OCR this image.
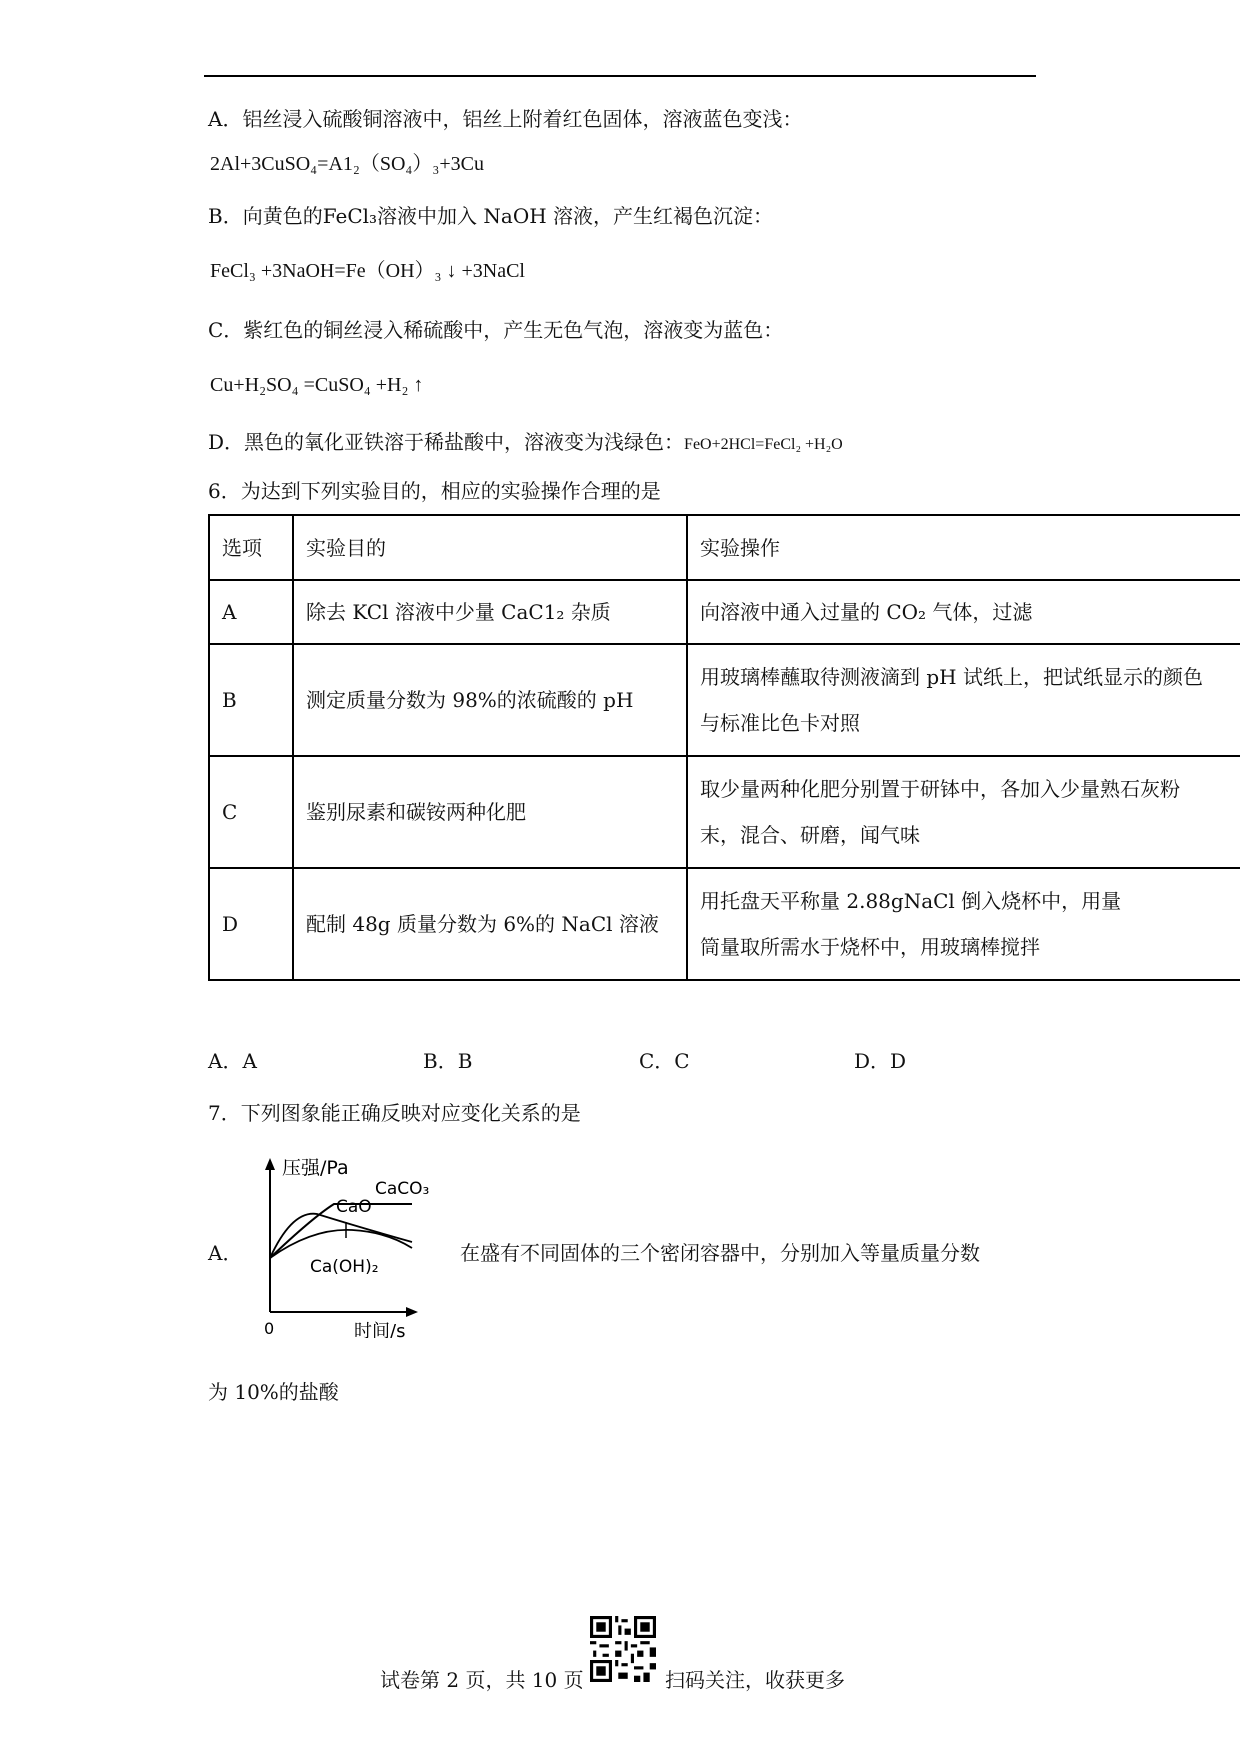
A．铝丝浸入硫酸铜溶液中，铝丝上附着红色固体，溶液蓝色变浅：
2Al+3CuSO₄=A1₂（SO₄）₃+3Cu
B．向黄色的FeCl₃溶液中加入 NaOH 溶液，产生红褐色沉淀：
FeCl₃ +3NaOH=Fe（OH）₃ ↓ +3NaCl
C．紫红色的铜丝浸入稀硫酸中，产生无色气泡，溶液变为蓝色：
Cu+H₂SO₄ =CuSO₄ +H₂ ↑
D．黑色的氧化亚铁溶于稀盐酸中，溶液变为浅绿色：FeO+2HCl=FeCl₂ +H₂O
6．为达到下列实验目的，相应的实验操作合理的是
选项	实验目的	实验操作
A	除去 KCl 溶液中少量 CaC1₂ 杂质	向溶液中通入过量的 CO₂ 气体，过滤
B	测定质量分数为 98%的浓硫酸的 pH	用玻璃棒蘸取待测液滴到 pH 试纸上，把试纸显示的颜色
与标准比色卡对照

C	鉴别尿素和碳铵两种化肥	取少量两种化肥分别置于研钵中，各加入少量熟石灰粉
末，混合、研磨，闻气味

D	配制 48g 质量分数为 6%的 NaCl 溶液	用托盘天平称量 2.88gNaCl 倒入烧杯中，用量
筒量取所需水于烧杯中，用玻璃棒搅拌
A．A	B．B	C．C	D．D
7．下列图象能正确反映对应变化关系的是
A．
压强/Pa
CaCO₃
CaO
Ca(OH)₂
0	时间/s
在盛有不同固体的三个密闭容器中，分别加入等量质量分数
为 10%的盐酸
试卷第 2 页，共 10 页	扫码关注，收获更多
